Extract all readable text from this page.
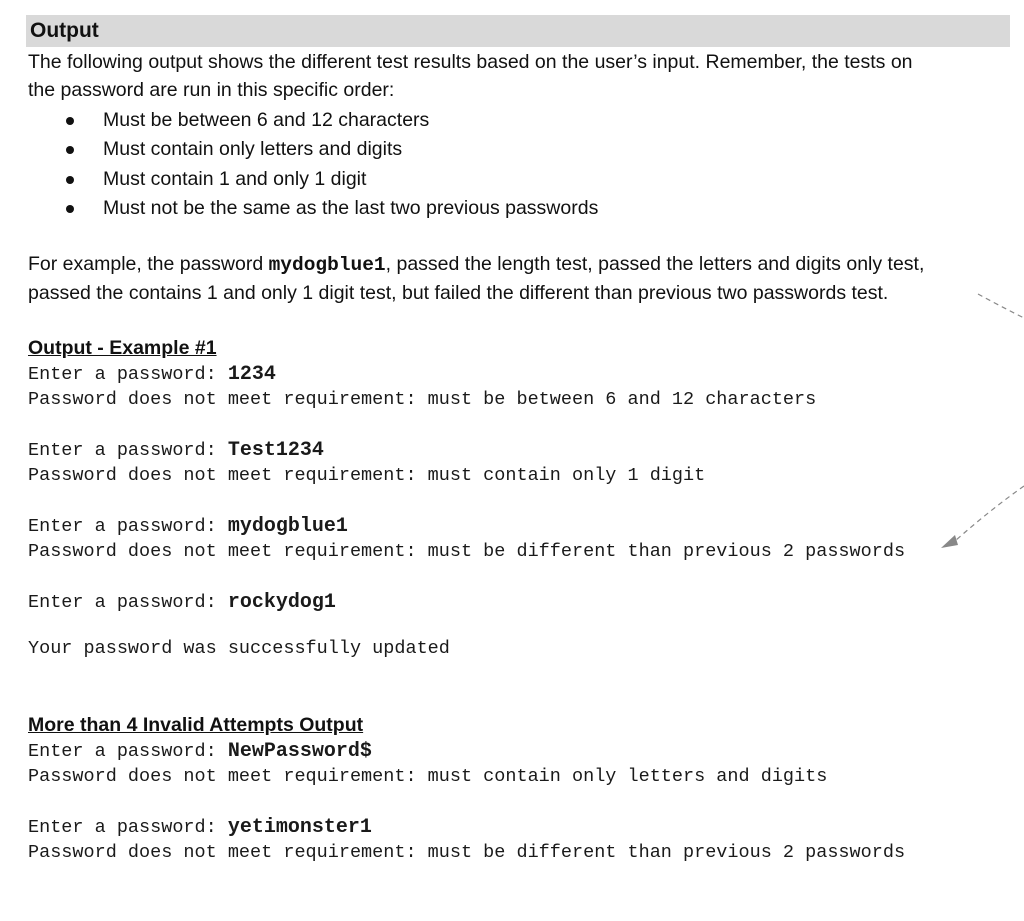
Output

The following output shows the different test results based on the user’s input. Remember, the tests on
the password are run in this specific order:

Must be between 6 and 12 characters
Must contain only letters and digits
Must contain 1 and only 1 digit
Must not be the same as the last two previous passwords

For example, the password mydogblue1, passed the length test, passed the letters and digits only test,
passed the contains 1 and only 1 digit test, but failed the different than previous two passwords test.

Output - Example #1
Enter a password: 1234
Password does not meet requirement: must be between 6 and 12 characters
Enter a password: Test1234
Password does not meet requirement: must contain only 1 digit
Enter a password: mydogblue1
Password does not meet requirement: must be different than previous 2 passwords
Enter a password: rockydog1
Your password was successfully updated
More than 4 Invalid Attempts Output
Enter a password: NewPassword$
Password does not meet requirement: must contain only letters and digits
Enter a password: yetimonster1
Password does not meet requirement: must be different than previous 2 passwords
